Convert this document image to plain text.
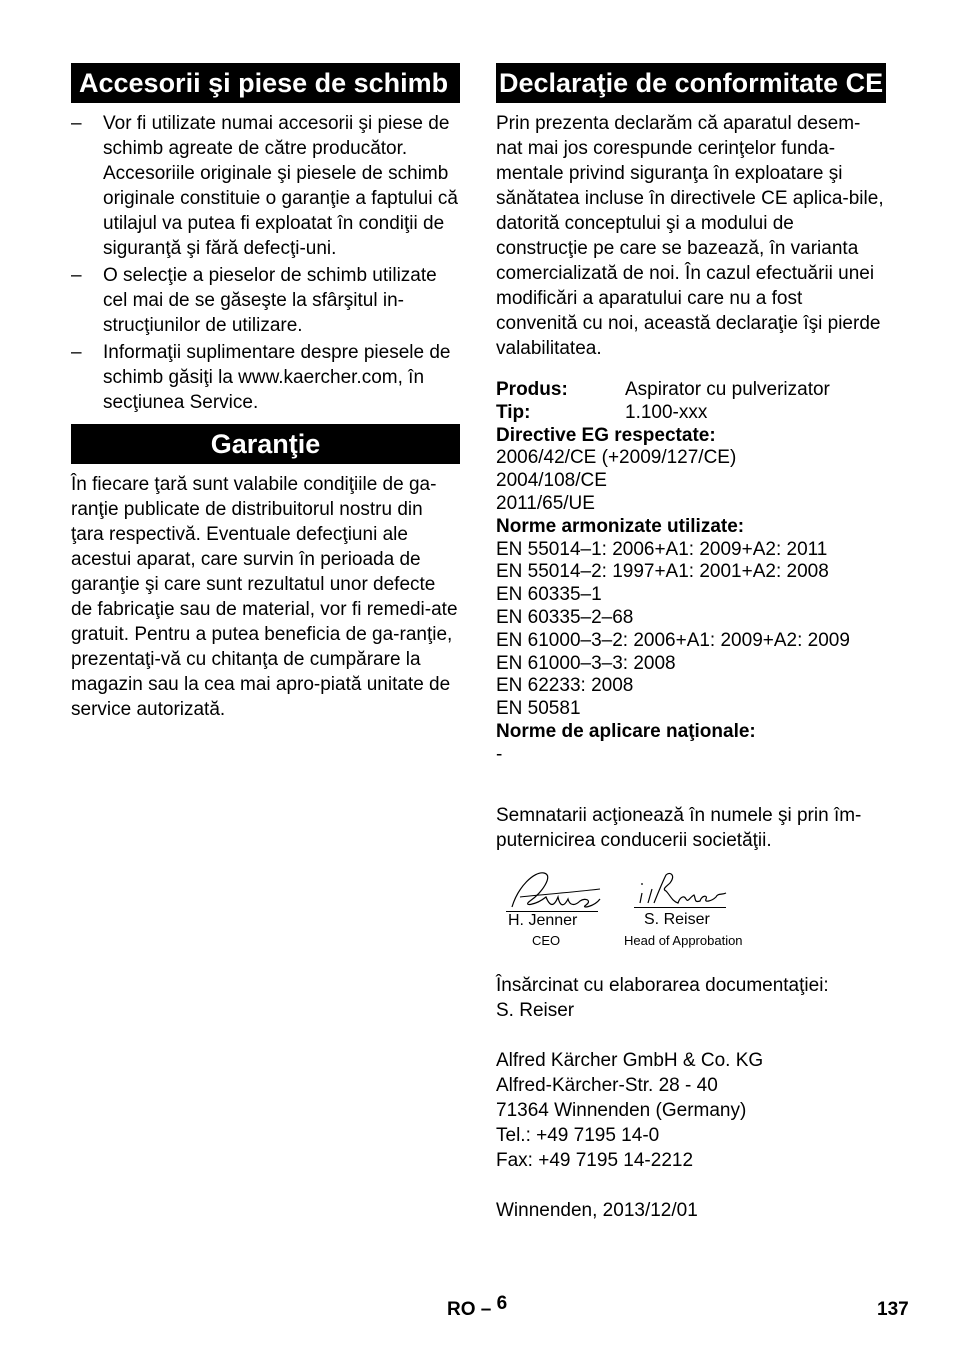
Accesorii şi piese de schimb
– Vor fi utilizate numai accesorii şi piese de schimb agreate de către producător. Accesoriile originale şi piesele de schimb originale constituie o garanţie a faptului că utilajul va putea fi exploatat în condiţii de siguranţă şi fără defecţi-uni.
– O selecţie a pieselor de schimb utilizate cel mai de se găseşte la sfârşitul in-strucţiunilor de utilizare.
– Informaţii suplimentare despre piesele de schimb găsiţi la www.kaercher.com, în secţiunea Service.
Garanţie

În fiecare ţară sunt valabile condiţiile de ga-ranţie publicate de distribuitorul nostru din ţara respectivă. Eventuale defecţiuni ale acestui aparat, care survin în perioada de garanţie şi care sunt rezultatul unor defecte de fabricaţie sau de material, vor fi remedi-ate gratuit. Pentru a putea beneficia de ga-ranţie, prezentaţi-vă cu chitanţa de cumpărare la magazin sau la cea mai apro-piată unitate de service autorizată.

Declaraţie de conformitate CE

Prin prezenta declarăm că aparatul desem-nat mai jos corespunde cerinţelor funda-mentale privind siguranţa în exploatare şi sănătatea incluse în directivele CE aplica-bile, datorită conceptului şi a modului de construcţie pe care se bazează, în varianta comercializată de noi. În cazul efectuării unei modificări a aparatului care nu a fost convenită cu noi, această declaraţie îşi pierde valabilitatea.

Produs:	Aspirator cu pulverizator
Tip:	1.100-xxx
Directive EG respectate:
2006/42/CE (+2009/127/CE)
2004/108/CE
2011/65/UE
Norme armonizate utilizate:
EN 55014–1: 2006+A1: 2009+A2: 2011
EN 55014–2: 1997+A1: 2001+A2: 2008
EN 60335–1
EN 60335–2–68
EN 61000–3–2: 2006+A1: 2009+A2: 2009
EN 61000–3–3: 2008
EN 62233: 2008
EN 50581
Norme de aplicare naţionale:
-

Semnatarii acţionează în numele şi prin îm-puternicirea conducerii societăţii.

H. Jenner
CEO
S. Reiser
Head of Approbation

Însărcinat cu elaborarea documentaţiei:

S. Reiser

Alfred Kärcher GmbH & Co. KG
Alfred-Kärcher-Str. 28 - 40
71364 Winnenden (Germany)
Tel.: +49 7195 14-0
Fax: +49 7195 14-2212

Winnenden, 2013/12/01

RO – 6	137
